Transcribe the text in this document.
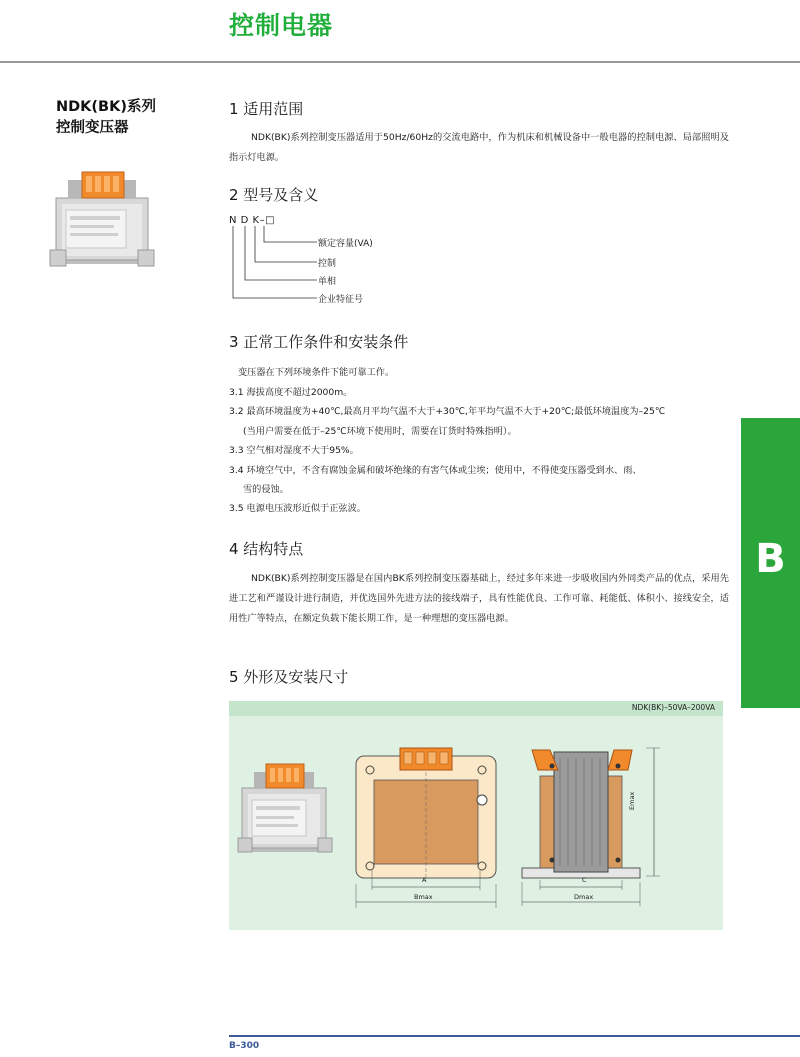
控制电器
NDK(BK)系列
控制变压器
1 适用范围
NDK(BK)系列控制变压器适用于50Hz/60Hz的交流电路中，作为机床和机械设备中一般电器的控制电源、局部照明及指示灯电源。
2 型号及含义
N D K–□
额定容量(VA)
控制
单相
企业特征号
3 正常工作条件和安装条件
变压器在下列环境条件下能可靠工作。
3.1 海拔高度不超过2000m。
3.2 最高环境温度为+40℃,最高月平均气温不大于+30℃,年平均气温不大于+20℃;最低环境温度为–25℃
(当用户需要在低于–25℃环境下使用时，需要在订货时特殊指明）。
3.3 空气相对湿度不大于95%。
3.4 环境空气中，不含有腐蚀金属和破坏绝缘的有害气体或尘埃；使用中，不得使变压器受到水、雨、
雪的侵蚀。
3.5 电源电压波形近似于正弦波。
4 结构特点
NDK(BK)系列控制变压器是在国内BK系列控制变压器基础上，经过多年来进一步吸收国内外同类产品的优点，采用先进工艺和严谨设计进行制造，并优选国外先进方法的接线端子，具有性能优良、工作可靠、耗能低、体积小、接线安全，适用性广等特点，在额定负载下能长期工作，是一种理想的变压器电源。
5 外形及安装尺寸
NDK(BK)–50VA–200VA
A
Bmax
C
Dmax
Emax
B
B–300
